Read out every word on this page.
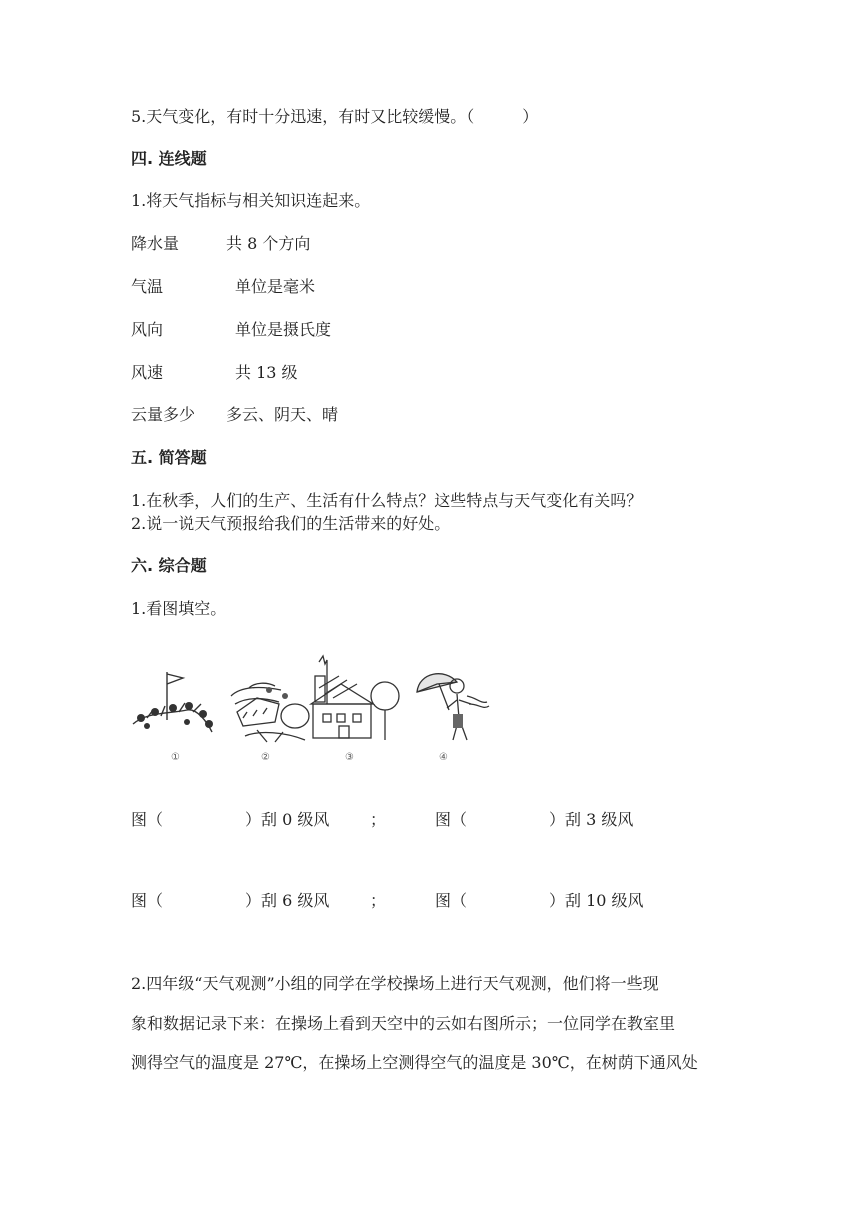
5.天气变化，有时十分迅速，有时又比较缓慢。（　　　）
四. 连线题
1.将天气指标与相关知识连起来。
降水量	共 8 个方向
气温	单位是毫米
风向	单位是摄氏度
风速	共 13 级
云量多少 多云、阴天、晴
五. 简答题
1.在秋季，人们的生产、生活有什么特点？这些特点与天气变化有关吗？
2.说一说天气预报给我们的生活带来的好处。
六. 综合题
1.看图填空。
①	②	③	④
图（	）刮 0 级风	；	图（	）刮 3 级风
图（	）刮 6 级风	；	图（	）刮 10 级风
2.四年级“天气观测”小组的同学在学校操场上进行天气观测，他们将一些现
象和数据记录下来：在操场上看到天空中的云如右图所示；一位同学在教室里
测得空气的温度是 27℃，在操场上空测得空气的温度是 30℃，在树荫下通风处
